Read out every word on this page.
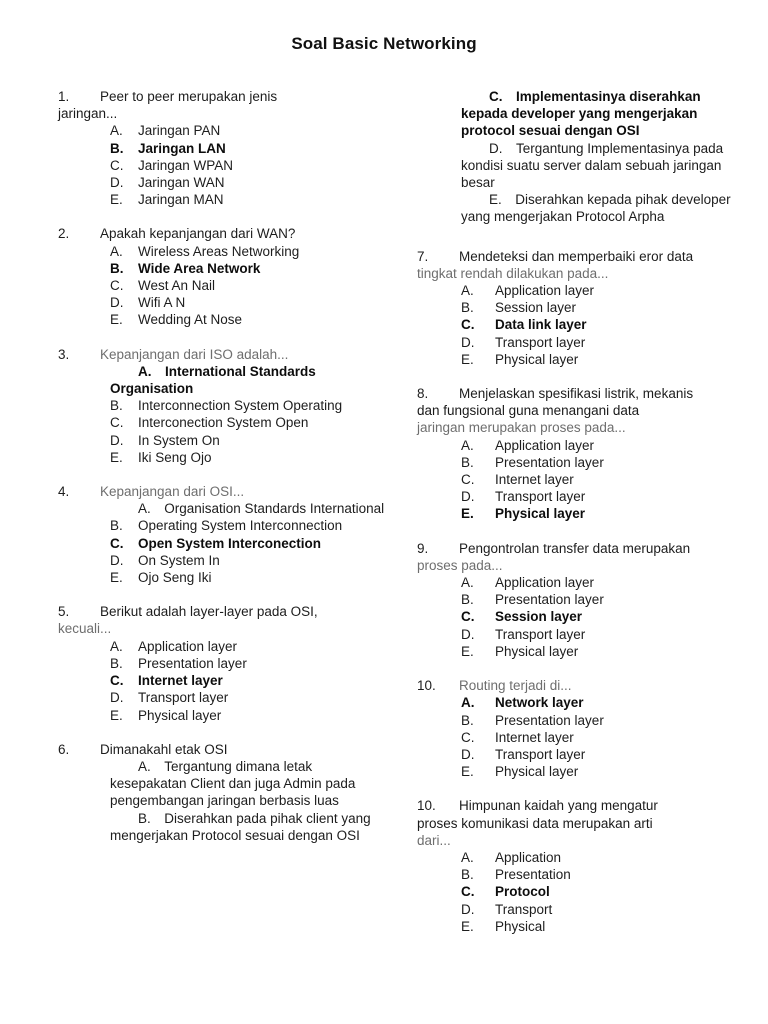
Soal Basic Networking
1.	Peer to peer merupakan jenis
jaringan...
A. Jaringan PAN
B. Jaringan LAN
C. Jaringan WPAN
D. Jaringan WAN
E. Jaringan MAN
2.	Apakah kepanjangan dari WAN?
A. Wireless Areas Networking
B. Wide Area Network
C. West An Nail
D. Wifi A N
E. Wedding At Nose
3.	Kepanjangan dari ISO adalah...
A.  International Standards Organisation
B. Interconnection System Operating
C. Interconection System Open
D. In System On
E. Iki Seng Ojo
4.	Kepanjangan dari OSI...
A.  Organisation Standards International
B. Operating System Interconnection
C. Open System Interconection
D. On System In
E. Ojo Seng Iki
5.	Berikut adalah layer-layer pada OSI,
kecuali...
A. Application layer
B. Presentation layer
C. Internet layer
D. Transport layer
E. Physical layer
6.	Dimanakahl etak OSI
A.  Tergantung dimana letak kesepakatan Client dan juga Admin pada pengembangan jaringan berbasis luas
B.  Diserahkan pada pihak client yang mengerjakan Protocol sesuai dengan OSI
C.  Implementasinya diserahkan kepada developer yang mengerjakan protocol sesuai dengan OSI
D.  Tergantung Implementasinya pada kondisi suatu server dalam sebuah jaringan besar
E.  Diserahkan kepada pihak developer yang mengerjakan Protocol Arpha
7.	Mendeteksi dan memperbaiki eror data
tingkat rendah dilakukan pada...
A. Application layer
B. Session layer
C. Data link layer
D. Transport layer
E. Physical layer
8.	Menjelaskan spesifikasi listrik, mekanis
dan fungsional guna menangani data
jaringan merupakan proses pada...
A. Application layer
B. Presentation layer
C. Internet layer
D. Transport layer
E. Physical layer
9.	Pengontrolan transfer data merupakan
proses pada...
A. Application layer
B. Presentation layer
C. Session layer
D. Transport layer
E. Physical layer
10.	Routing terjadi di...
A. Network layer
B. Presentation layer
C. Internet layer
D. Transport layer
E. Physical layer
10.	Himpunan kaidah yang mengatur
proses komunikasi data merupakan arti
dari...
A. Application
B. Presentation
C. Protocol
D. Transport
E. Physical
